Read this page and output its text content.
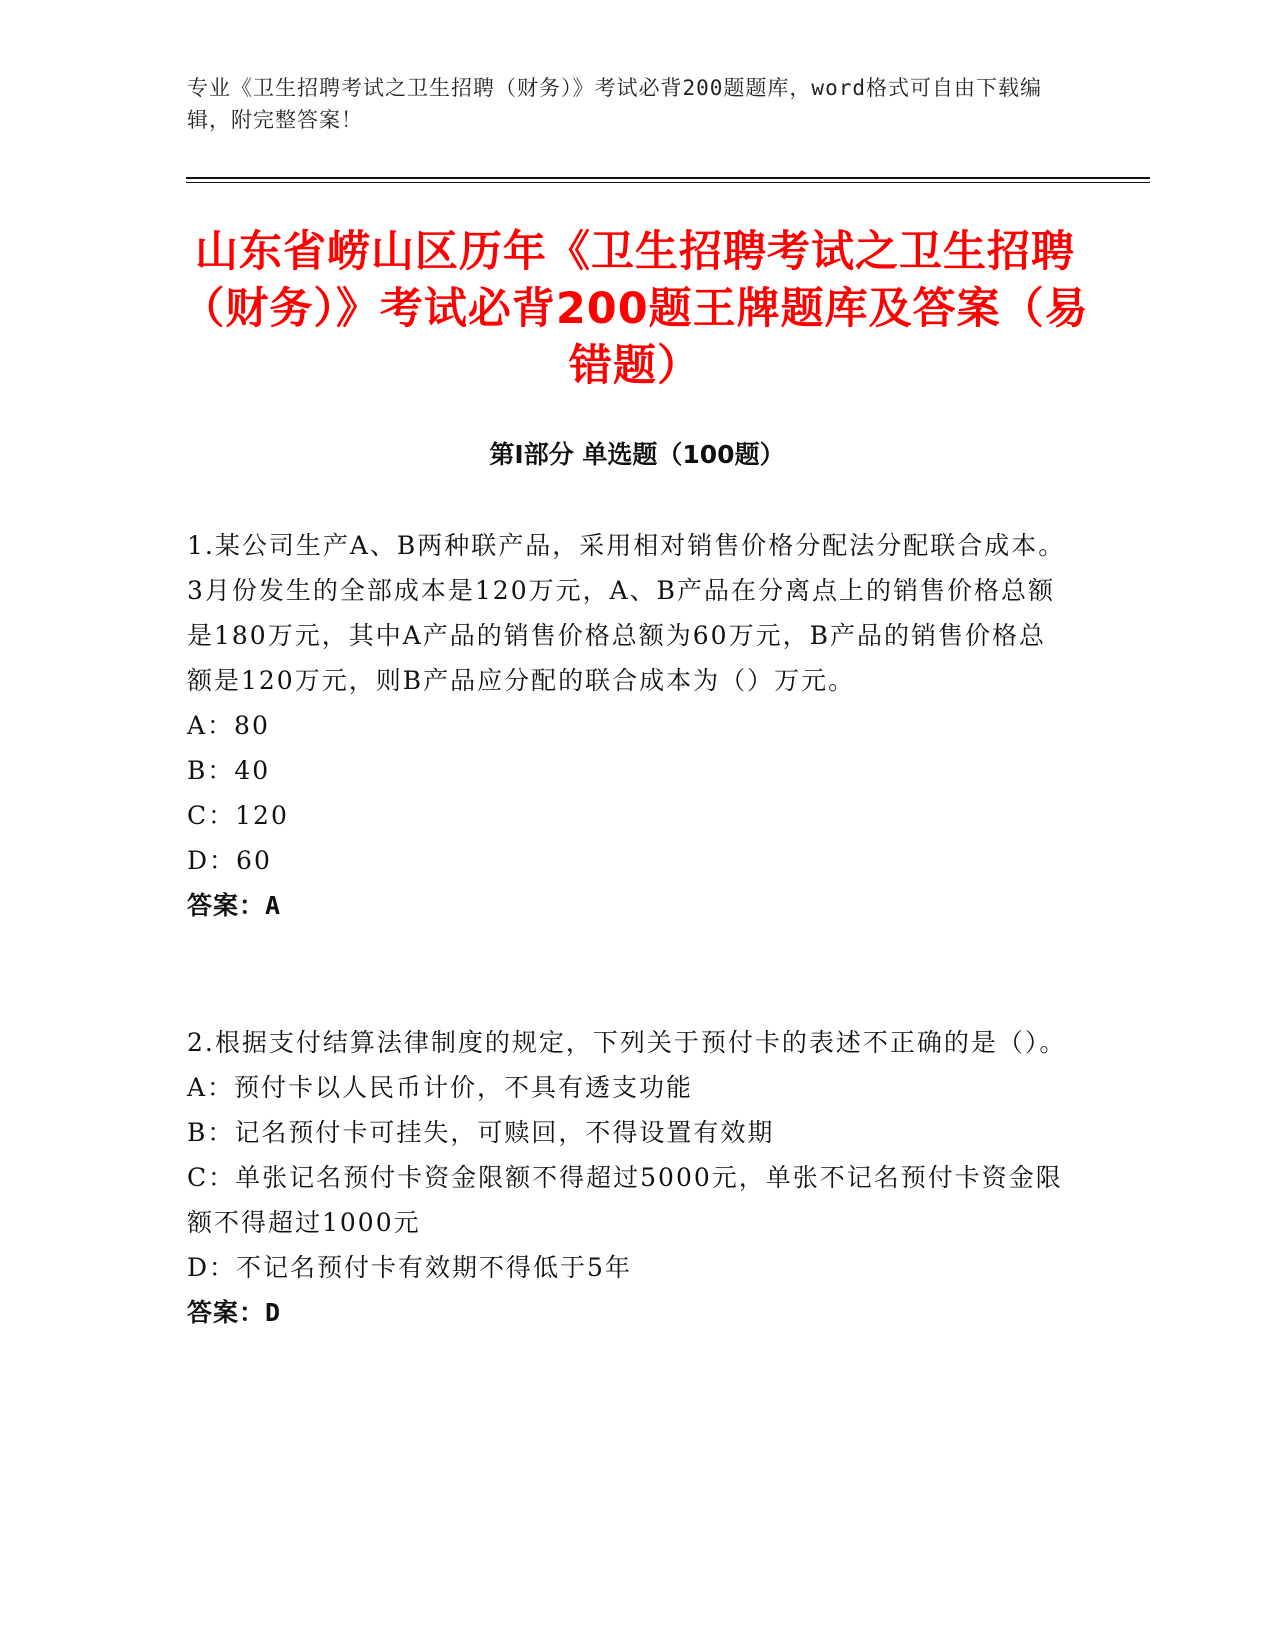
专业《卫生招聘考试之卫生招聘（财务）》考试必背200题题库，word格式可自由下载编辑，附完整答案！
山东省崂山区历年《卫生招聘考试之卫生招聘（财务）》考试必背200题王牌题库及答案（易错题）
第I部分 单选题（100题）

1.某公司生产A、B两种联产品，采用相对销售价格分配法分配联合成本。3月份发生的全部成本是120万元，A、B产品在分离点上的销售价格总额是180万元，其中A产品的销售价格总额为60万元，B产品的销售价格总额是120万元，则B产品应分配的联合成本为（）万元。

A：80

B：40

C：120

D：60

答案：A

2.根据支付结算法律制度的规定，下列关于预付卡的表述不正确的是（）。

A：预付卡以人民币计价，不具有透支功能

B：记名预付卡可挂失，可赎回，不得设置有效期

C：单张记名预付卡资金限额不得超过5000元，单张不记名预付卡资金限额不得超过1000元

D：不记名预付卡有效期不得低于5年

答案：D
